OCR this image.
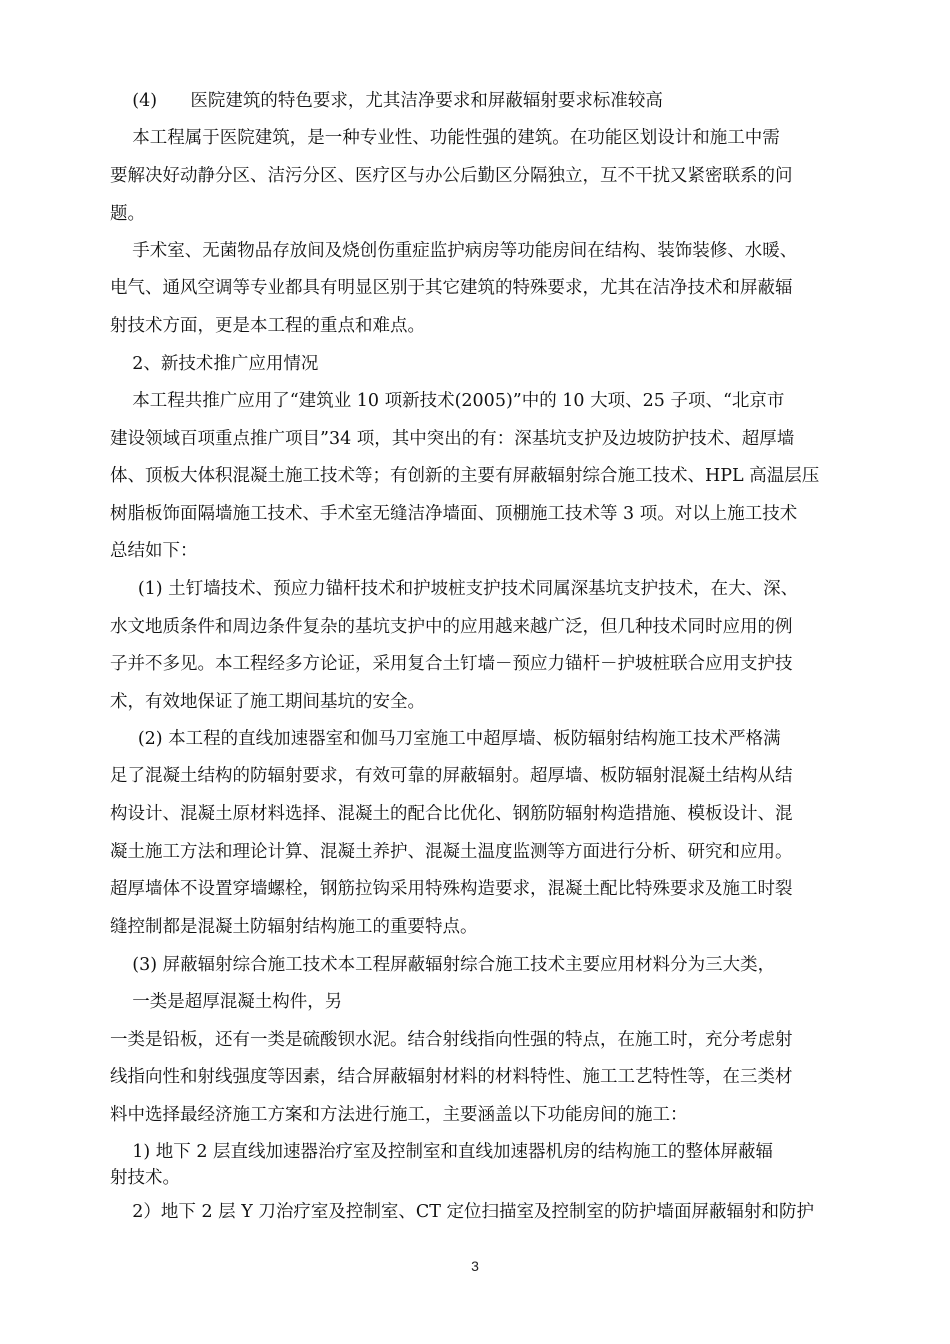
(4)      医院建筑的特色要求，尤其洁净要求和屏蔽辐射要求标准较高
本工程属于医院建筑，是一种专业性、功能性强的建筑。在功能区划设计和施工中需
要解决好动静分区、洁污分区、医疗区与办公后勤区分隔独立，互不干扰又紧密联系的问
题。
手术室、无菌物品存放间及烧创伤重症监护病房等功能房间在结构、装饰装修、水暖、
电气、通风空调等专业都具有明显区别于其它建筑的特殊要求，尤其在洁净技术和屏蔽辐
射技术方面，更是本工程的重点和难点。
2、新技术推广应用情况
本工程共推广应用了“建筑业 10 项新技术(2005)”中的 10 大项、25 子项、“北京市
建设领域百项重点推广项目”34 项，其中突出的有：深基坑支护及边坡防护技术、超厚墙
体、顶板大体积混凝土施工技术等；有创新的主要有屏蔽辐射综合施工技术、HPL 高温层压
树脂板饰面隔墙施工技术、手术室无缝洁净墙面、顶棚施工技术等 3 项。对以上施工技术
总结如下：
(1) 土钉墙技术、预应力锚杆技术和护坡桩支护技术同属深基坑支护技术，在大、深、
水文地质条件和周边条件复杂的基坑支护中的应用越来越广泛，但几种技术同时应用的例
子并不多见。本工程经多方论证，采用复合土钉墙－预应力锚杆－护坡桩联合应用支护技
术，有效地保证了施工期间基坑的安全。
(2) 本工程的直线加速器室和伽马刀室施工中超厚墙、板防辐射结构施工技术严格满
足了混凝土结构的防辐射要求，有效可靠的屏蔽辐射。超厚墙、板防辐射混凝土结构从结
构设计、混凝土原材料选择、混凝土的配合比优化、钢筋防辐射构造措施、模板设计、混
凝土施工方法和理论计算、混凝土养护、混凝土温度监测等方面进行分析、研究和应用。
超厚墙体不设置穿墙螺栓，钢筋拉钩采用特殊构造要求，混凝土配比特殊要求及施工时裂
缝控制都是混凝土防辐射结构施工的重要特点。
(3) 屏蔽辐射综合施工技术本工程屏蔽辐射综合施工技术主要应用材料分为三大类，
一类是超厚混凝土构件，另
一类是铅板，还有一类是硫酸钡水泥。结合射线指向性强的特点，在施工时，充分考虑射
线指向性和射线强度等因素，结合屏蔽辐射材料的材料特性、施工工艺特性等，在三类材
料中选择最经济施工方案和方法进行施工，主要涵盖以下功能房间的施工：
1) 地下 2 层直线加速器治疗室及控制室和直线加速器机房的结构施工的整体屏蔽辐
射技术。
2）地下 2 层 Y 刀治疗室及控制室、CT 定位扫描室及控制室的防护墙面屏蔽辐射和防护
3
